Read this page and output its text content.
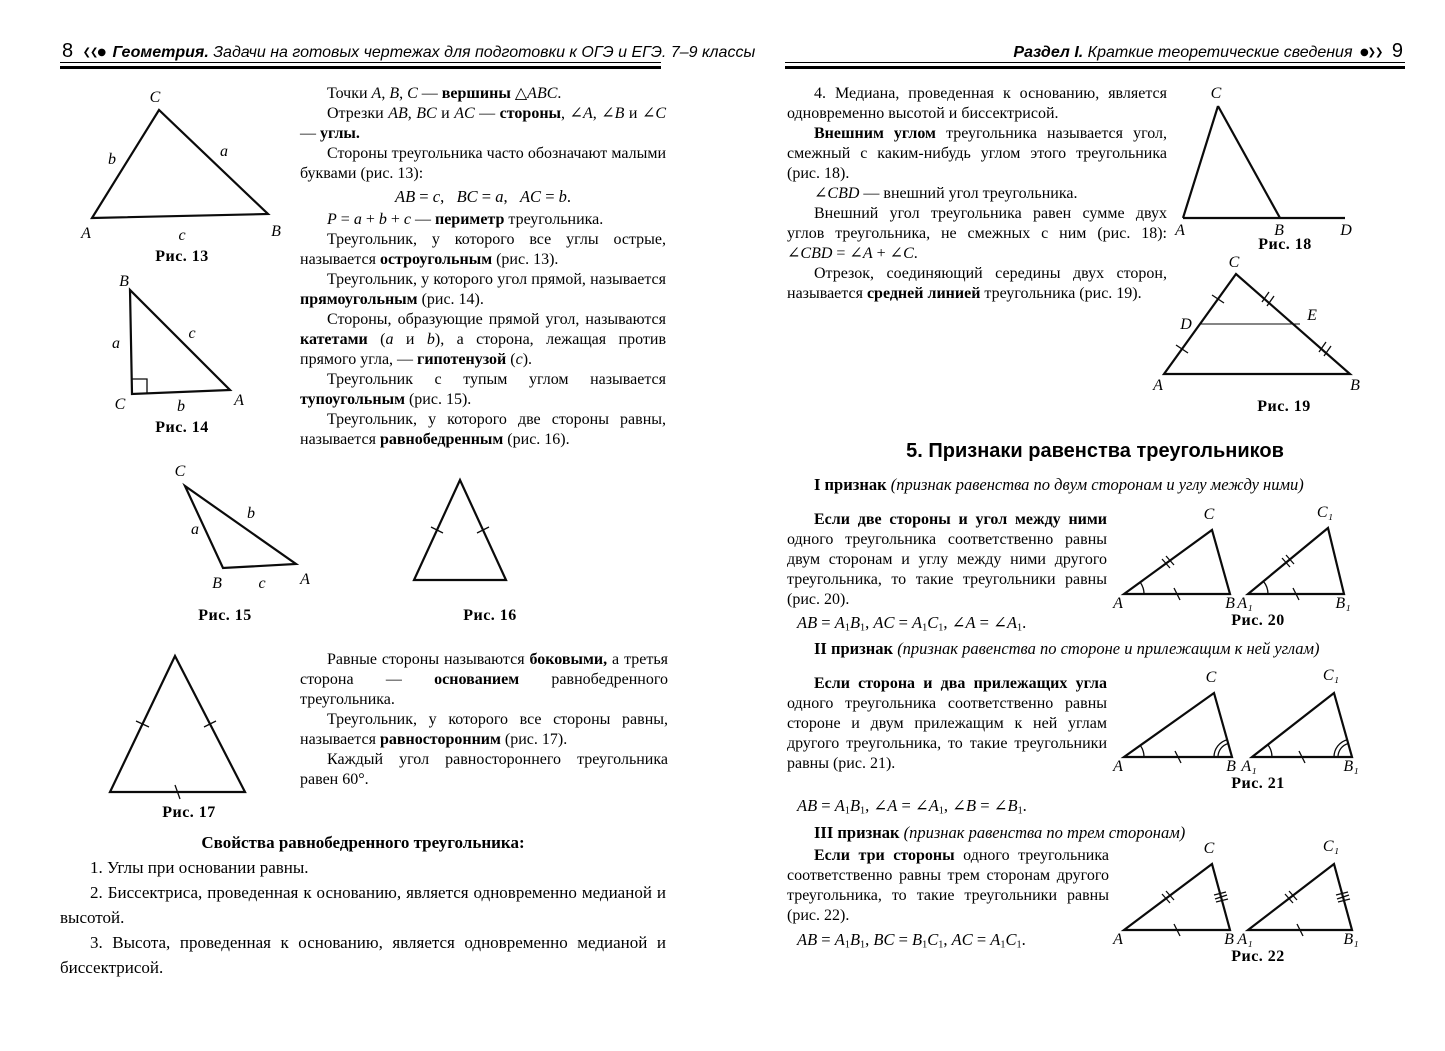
8 ❮❮● Геометрия. Задачи на готовых чертежах для подготовки к ОГЭ и ЕГЭ. 7–9 классы

Точки A, B, C — вершины △ABC.

Отрезки AB, BC и AC — стороны, ∠A, ∠B и ∠C — углы.

Стороны треугольника часто обозначают малыми буквами (рис. 13):

AB = c,   BC = a,   AC = b.

P = a + b + c — периметр треугольника.

Треугольник, у которого все углы острые, называется остроугольным (рис. 13).

Треугольник, у которого угол прямой, называется прямоугольным (рис. 14).

Стороны, образующие прямой угол, называются катетами (a и b), а сторона, лежащая против прямого угла, — гипотенузой (c).

Треугольник с тупым углом называется тупоугольным (рис. 15).

Треугольник, у которого две стороны равны, называется равнобедренным (рис. 16).

C
A	B
b	a
c
Рис. 13
B
C	A
a
c
b
Рис. 14
C
B	A
a
b
c
Рис. 15	Рис. 16
Рис. 17

Равные стороны называются боковыми, а третья сторона — основанием равнобедренного треугольника.

Треугольник, у которого все стороны равны, называется равносторонним (рис. 17).

Каждый угол равностороннего треугольника равен 60°.

Свойства равнобедренного треугольника:

1. Углы при основании равны.

2. Биссектриса, проведенная к основанию, является одновременно медианой и высотой.

3. Высота, проведенная к основанию, является одновременно медианой и биссектрисой.

Раздел I. Краткие теоретические сведения ●❯❯ 9

4. Медиана, проведенная к основанию, является одновременно высотой и биссектрисой.

Внешним углом треугольника называется угол, смежный с каким-нибудь углом этого треугольника (рис. 18).

∠CBD — внешний угол треугольника.

Внешний угол треугольника равен сумме двух углов треугольника, не смежных с ним (рис. 18): ∠CBD = ∠A + ∠C.

Отрезок, соединяющий середины двух сторон, называется средней линией треугольника (рис. 19).

C
A	B	D
Рис. 18
C
A	B
D
E
Рис. 19

5. Признаки равенства треугольников

I признак (признак равенства по двум сторонам и углу между ними)

Если две стороны и угол между ними одного треугольника соответственно равны двум сторонам и углу между ними другого треугольника, то такие треугольники равны (рис. 20).

AB = $A_1B_1$, AC = $A_1C_1$, ∠A = $\angle A_1$.

A	B
C
A₁	B₁
C₁
Рис. 20

II признак (признак равенства по стороне и прилежащим к ней углам)

Если сторона и два прилежащих угла одного треугольника соответственно равны стороне и двум прилежащим к ней углам другого треугольника, то такие треугольники равны (рис. 21).

AB = $A_1B_1$, ∠A = $\angle A_1$, ∠B = $\angle B_1$.

A	B
C
A₁	B₁
C₁
Рис. 21

III признак (признак равенства по трем сторонам)

Если три стороны одного треугольника соответственно равны трем сторонам другого треугольника, то такие треугольники равны (рис. 22).

AB = $A_1B_1$, BC = $B_1C_1$, AC = $A_1C_1$.	A	B
C
A₁	B₁
C₁
Рис. 22
